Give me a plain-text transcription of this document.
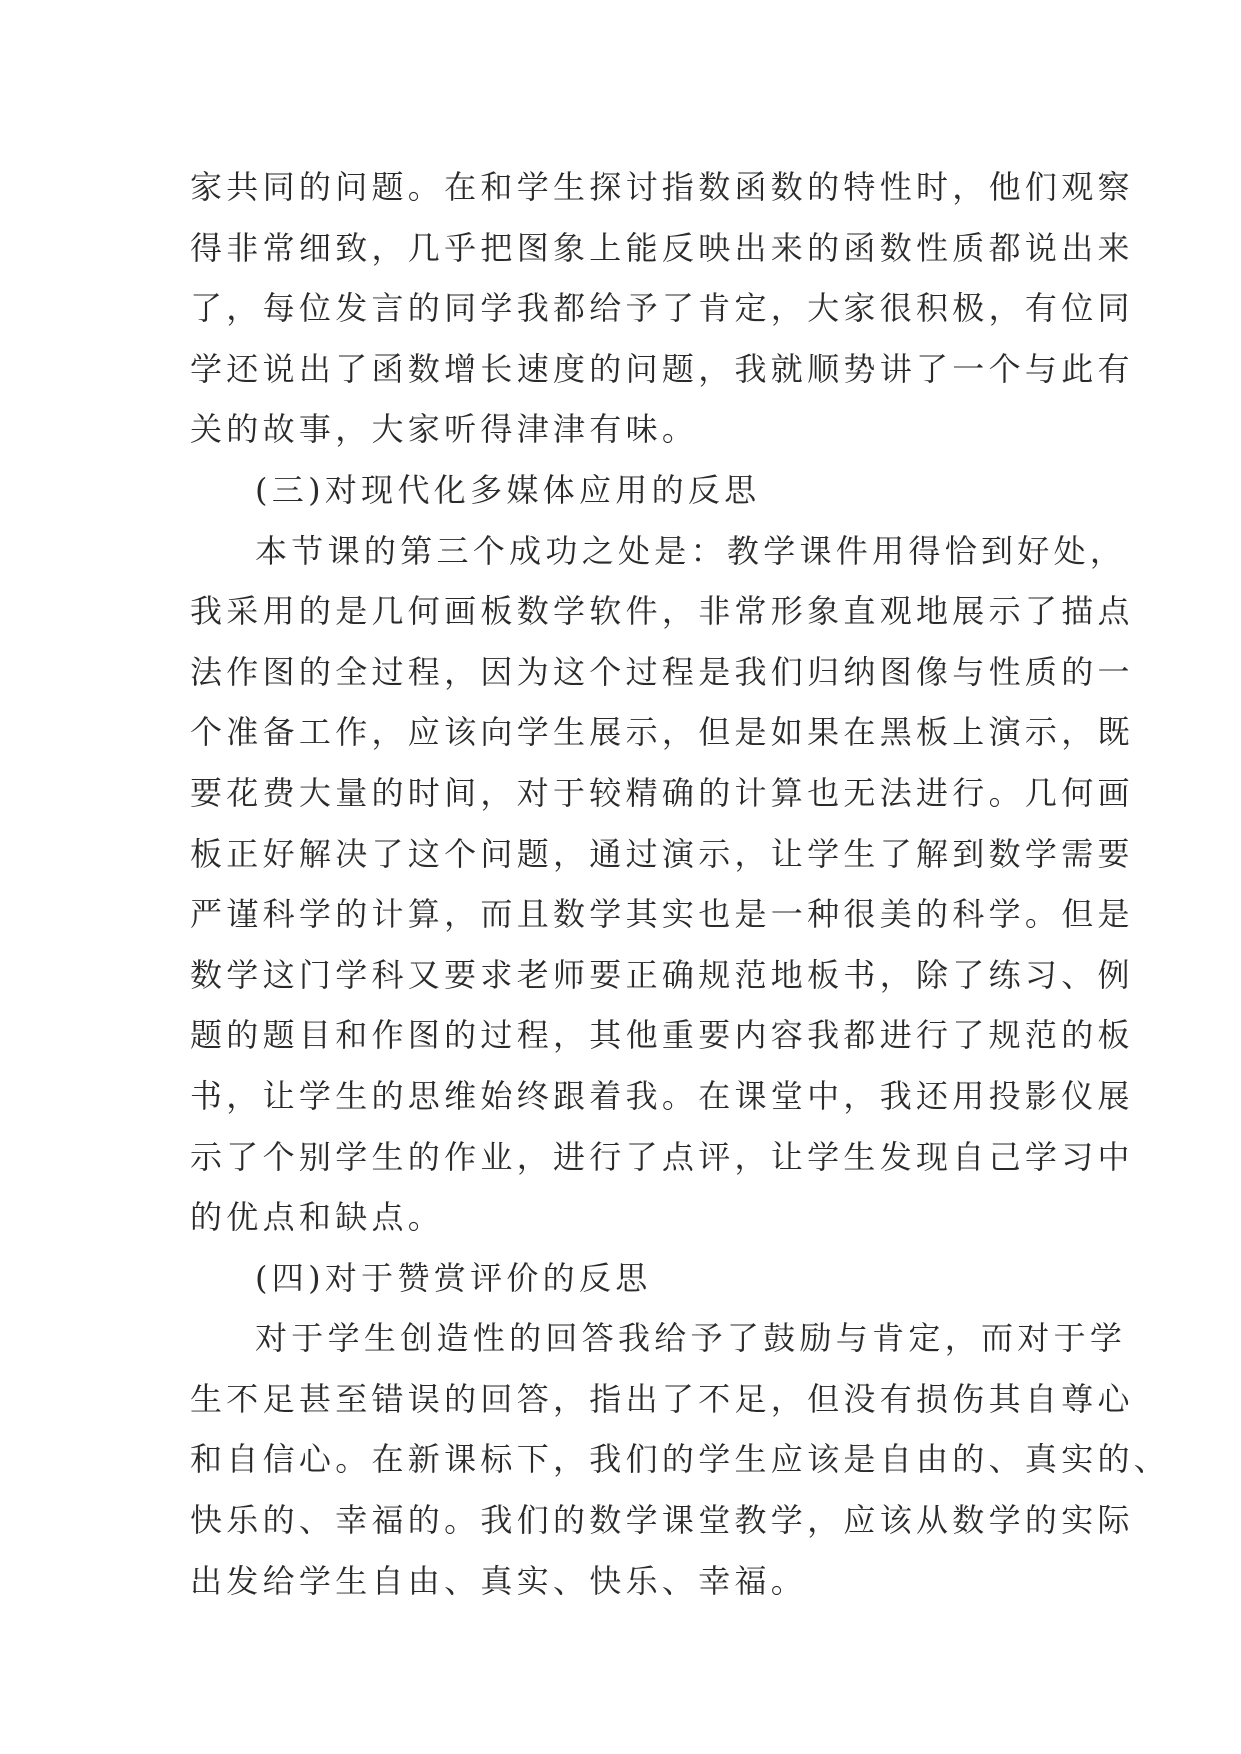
家共同的问题。在和学生探讨指数函数的特性时，他们观察
得非常细致，几乎把图象上能反映出来的函数性质都说出来
了，每位发言的同学我都给予了肯定，大家很积极，有位同
学还说出了函数增长速度的问题，我就顺势讲了一个与此有
关的故事，大家听得津津有味。
(三)对现代化多媒体应用的反思
本节课的第三个成功之处是：教学课件用得恰到好处，
我采用的是几何画板数学软件，非常形象直观地展示了描点
法作图的全过程，因为这个过程是我们归纳图像与性质的一
个准备工作，应该向学生展示，但是如果在黑板上演示，既
要花费大量的时间，对于较精确的计算也无法进行。几何画
板正好解决了这个问题，通过演示，让学生了解到数学需要
严谨科学的计算，而且数学其实也是一种很美的科学。但是
数学这门学科又要求老师要正确规范地板书，除了练习、例
题的题目和作图的过程，其他重要内容我都进行了规范的板
书，让学生的思维始终跟着我。在课堂中，我还用投影仪展
示了个别学生的作业，进行了点评，让学生发现自己学习中
的优点和缺点。
(四)对于赞赏评价的反思
对于学生创造性的回答我给予了鼓励与肯定，而对于学
生不足甚至错误的回答，指出了不足，但没有损伤其自尊心
和自信心。在新课标下，我们的学生应该是自由的、真实的、
快乐的、幸福的。我们的数学课堂教学，应该从数学的实际
出发给学生自由、真实、快乐、幸福。
